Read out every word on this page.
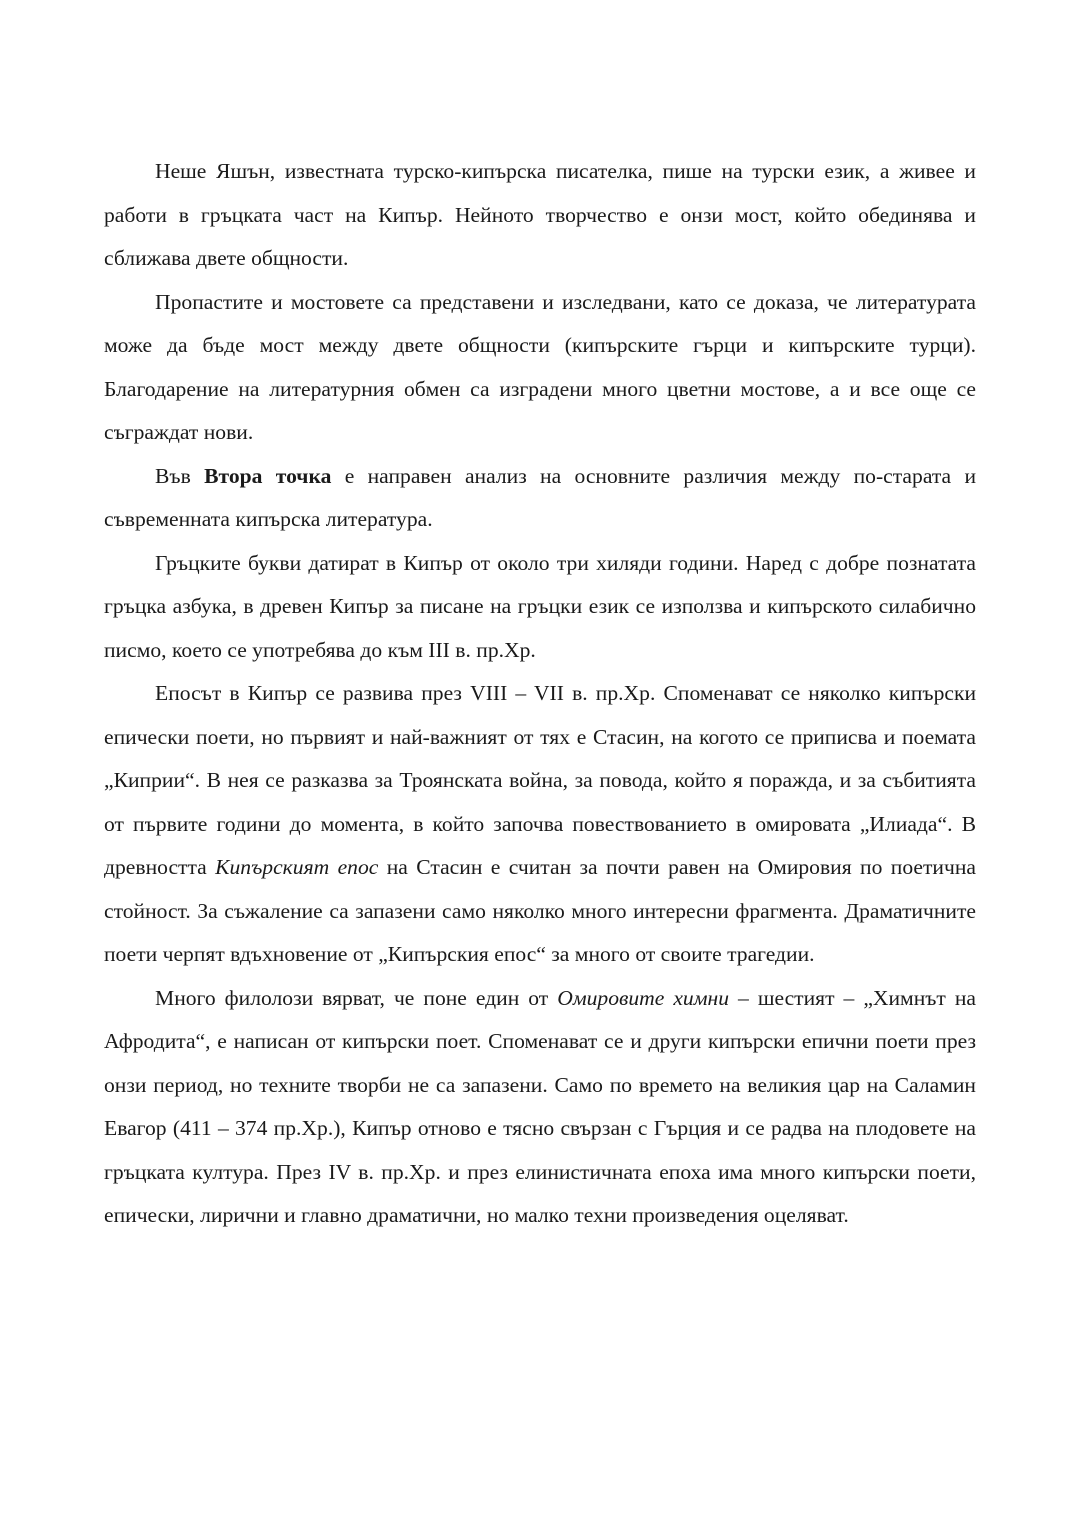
Неше Яшън, известната турско-кипърска писателка, пише на турски език, а живее и работи в гръцката част на Кипър. Нейното творчество е онзи мост, който обединява и сближава двете общности.

Пропастите и мостовете са представени и изследвани, като се доказа, че литературата може да бъде мост между двете общности (кипърските гърци и кипърските турци). Благодарение на литературния обмен са изградени много цветни мостове, а и все още се съграждат нови.

Във Втора точка е направен анализ на основните различия между по-старата и съвременната кипърска литература.

Гръцките букви датират в Кипър от около три хиляди години. Наред с добре познатата гръцка азбука, в древен Кипър за писане на гръцки език се използва и кипърското силабично писмо, което се употребява до към III в. пр.Хр.

Епосът в Кипър се развива през VIII – VII в. пр.Хр. Споменават се няколко кипърски епически поети, но първият и най-важният от тях е Стасин, на когото се приписва и поемата „Киприи“. В нея се разказва за Троянската война, за повода, който я поражда, и за събитията от първите години до момента, в който започва повествованието в омировата „Илиада“. В древността Кипърският епос на Стасин е считан за почти равен на Омировия по поетична стойност. За съжаление са запазени само няколко много интересни фрагмента. Драматичните поети черпят вдъхновение от „Кипърския епос“ за много от своите трагедии.

Много филолози вярват, че поне един от Омировите химни – шестият – „Химнът на Афродита“, е написан от кипърски поет. Споменават се и други кипърски епични поети през онзи период, но техните творби не са запазени. Само по времето на великия цар на Саламин Евагор (411 – 374 пр.Хр.), Кипър отново е тясно свързан с Гърция и се радва на плодовете на гръцката култура. През IV в. пр.Хр. и през елинистичната епоха има много кипърски поети, епически, лирични и главно драматични, но малко техни произведения оцеляват.
